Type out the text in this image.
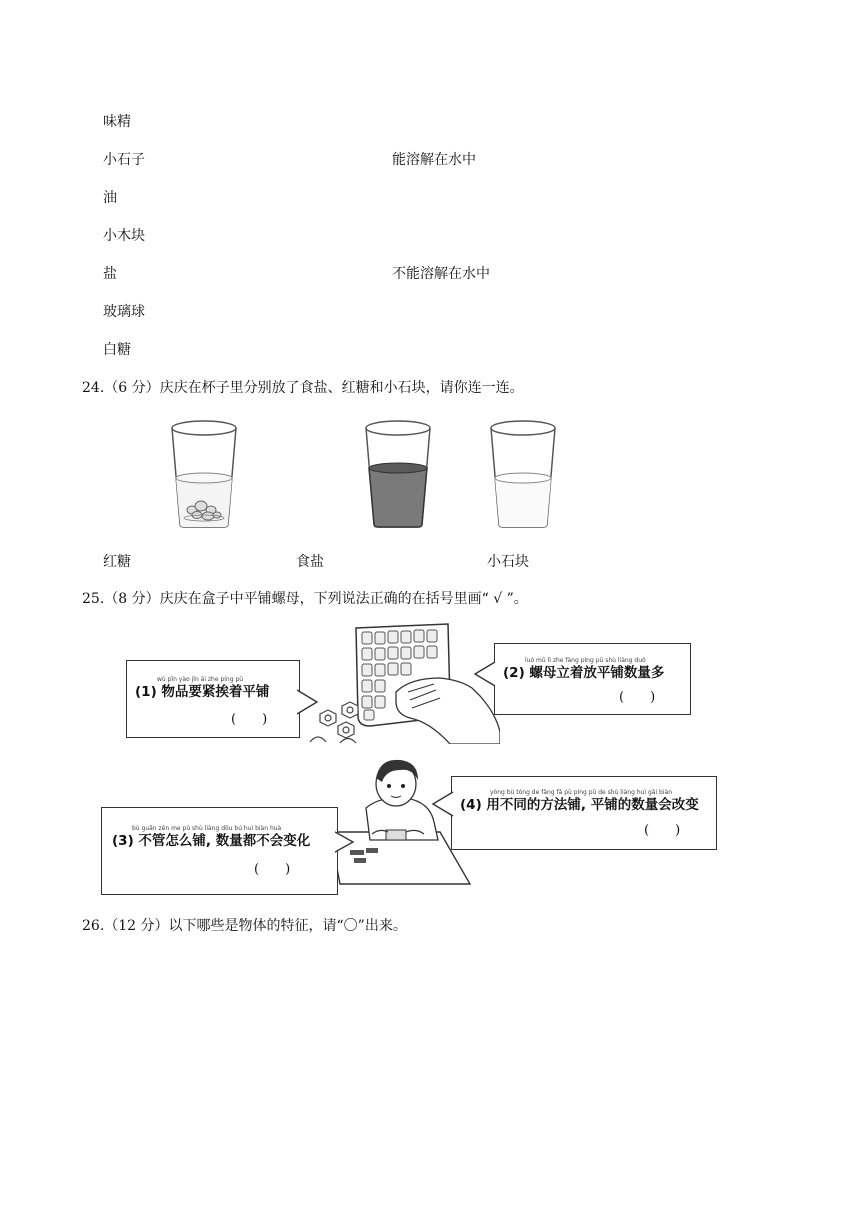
味精
小石子
油
小木块
盐
玻璃球
白糖
能溶解在水中
不能溶解在水中
24.（6 分）庆庆在杯子里分别放了食盐、红糖和小石块，请你连一连。
红糖	食盐	小石块
25.（8 分）庆庆在盒子中平铺螺母，下列说法正确的在括号里画“ √ ”。
wù pǐn yào jǐn āi zhe píng pū
(1) 物品要紧挨着平铺
(　　)
luó mǔ lì zhe fàng píng pū shù liàng duō
(2) 螺母立着放平铺数量多
(　　)
bù guǎn zěn me pū shù liàng dōu bú huì biàn huà
(3) 不管怎么铺, 数量都不会变化
(　　)
yòng bù tóng de fāng fǎ pū píng pū de shù liàng huì gǎi biàn
(4) 用不同的方法铺, 平铺的数量会改变
(　　)
26.（12 分）以下哪些是物体的特征，请“〇”出来。
